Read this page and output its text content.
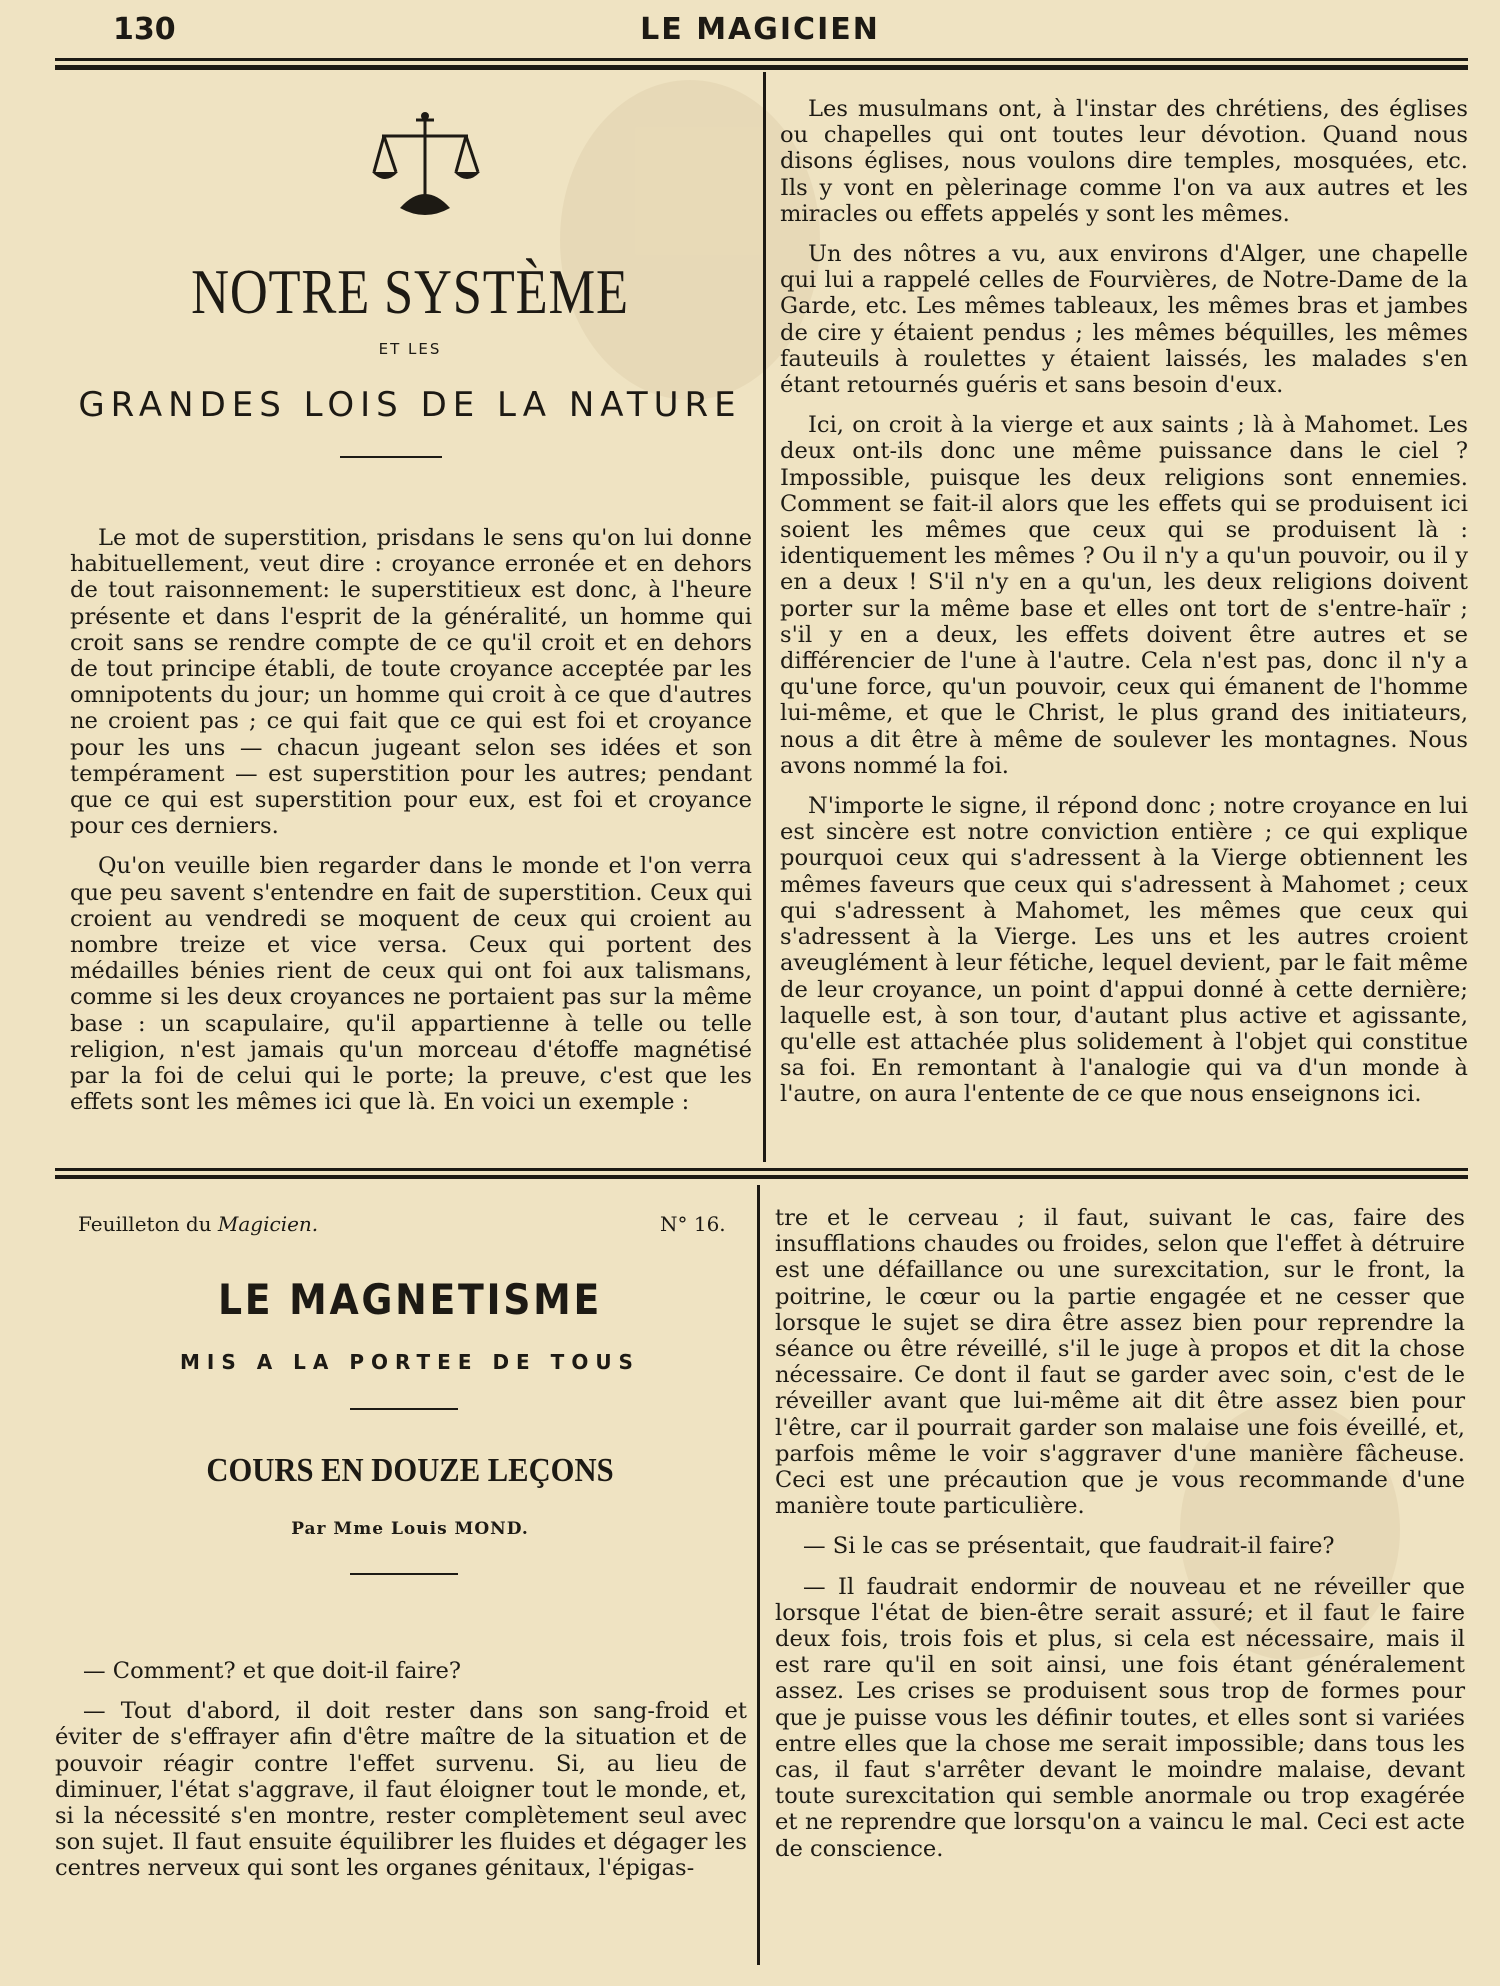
130	LE MAGICIEN
NOTRE SYSTÈME
ET LES
GRANDES LOIS DE LA NATURE

Le mot de superstition, prisdans le sens qu'on lui donne habituellement, veut dire : croyance erronée et en dehors de tout raisonnement: le superstitieux est donc, à l'heure présente et dans l'esprit de la généralité, un homme qui croit sans se rendre compte de ce qu'il croit et en dehors de tout principe établi, de toute croyance acceptée par les omnipotents du jour; un homme qui croit à ce que d'autres ne croient pas ; ce qui fait que ce qui est foi et croyance pour les uns — chacun jugeant selon ses idées et son tempérament — est superstition pour les autres; pendant que ce qui est superstition pour eux, est foi et croyance pour ces derniers.

Qu'on veuille bien regarder dans le monde et l'on verra que peu savent s'entendre en fait de superstition. Ceux qui croient au vendredi se moquent de ceux qui croient au nombre treize et vice versa. Ceux qui portent des médailles bénies rient de ceux qui ont foi aux talismans, comme si les deux croyances ne portaient pas sur la même base : un scapulaire, qu'il appartienne à telle ou telle religion, n'est jamais qu'un morceau d'étoffe magnétisé par la foi de celui qui le porte; la preuve, c'est que les effets sont les mêmes ici que là. En voici un exemple :

Les musulmans ont, à l'instar des chrétiens, des églises ou chapelles qui ont toutes leur dévotion. Quand nous disons églises, nous voulons dire temples, mosquées, etc. Ils y vont en pèlerinage comme l'on va aux autres et les miracles ou effets appelés y sont les mêmes.

Un des nôtres a vu, aux environs d'Alger, une chapelle qui lui a rappelé celles de Fourvières, de Notre-Dame de la Garde, etc. Les mêmes tableaux, les mêmes bras et jambes de cire y étaient pendus ; les mêmes béquilles, les mêmes fauteuils à roulettes y étaient laissés, les malades s'en étant retournés guéris et sans besoin d'eux.

Ici, on croit à la vierge et aux saints ; là à Mahomet. Les deux ont-ils donc une même puissance dans le ciel ? Impossible, puisque les deux religions sont ennemies. Comment se fait-il alors que les effets qui se produisent ici soient les mêmes que ceux qui se produisent là : identiquement les mêmes ? Ou il n'y a qu'un pouvoir, ou il y en a deux ! S'il n'y en a qu'un, les deux religions doivent porter sur la même base et elles ont tort de s'entre-haïr ; s'il y en a deux, les effets doivent être autres et se différencier de l'une à l'autre. Cela n'est pas, donc il n'y a qu'une force, qu'un pouvoir, ceux qui émanent de l'homme lui-même, et que le Christ, le plus grand des initiateurs, nous a dit être à même de soulever les montagnes. Nous avons nommé la foi.

N'importe le signe, il répond donc ; notre croyance en lui est sincère est notre conviction entière ; ce qui explique pourquoi ceux qui s'adressent à la Vierge obtiennent les mêmes faveurs que ceux qui s'adressent à Mahomet ; ceux qui s'adressent à Mahomet, les mêmes que ceux qui s'adressent à la Vierge. Les uns et les autres croient aveuglément à leur fétiche, lequel devient, par le fait même de leur croyance, un point d'appui donné à cette dernière; laquelle est, à son tour, d'autant plus active et agissante, qu'elle est attachée plus solidement à l'objet qui constitue sa foi. En remontant à l'analogie qui va d'un monde à l'autre, on aura l'entente de ce que nous enseignons ici.

Feuilleton du Magicien.	N° 16.
LE MAGNETISME
MIS A LA PORTEE DE TOUS
COURS EN DOUZE LEÇONS
Par Mme Louis MOND.

— Comment? et que doit-il faire?

— Tout d'abord, il doit rester dans son sang-froid et éviter de s'effrayer afin d'être maître de la situation et de pouvoir réagir contre l'effet survenu. Si, au lieu de diminuer, l'état s'aggrave, il faut éloigner tout le monde, et, si la nécessité s'en montre, rester complètement seul avec son sujet. Il faut ensuite équilibrer les fluides et dégager les centres nerveux qui sont les organes génitaux, l'épigas-

tre et le cerveau ; il faut, suivant le cas, faire des insufflations chaudes ou froides, selon que l'effet à détruire est une défaillance ou une surexcitation, sur le front, la poitrine, le cœur ou la partie engagée et ne cesser que lorsque le sujet se dira être assez bien pour reprendre la séance ou être réveillé, s'il le juge à propos et dit la chose nécessaire. Ce dont il faut se garder avec soin, c'est de le réveiller avant que lui-même ait dit être assez bien pour l'être, car il pourrait garder son malaise une fois éveillé, et, parfois même le voir s'aggraver d'une manière fâcheuse. Ceci est une précaution que je vous recommande d'une manière toute particulière.

— Si le cas se présentait, que faudrait-il faire?

— Il faudrait endormir de nouveau et ne réveiller que lorsque l'état de bien-être serait assuré; et il faut le faire deux fois, trois fois et plus, si cela est nécessaire, mais il est rare qu'il en soit ainsi, une fois étant généralement assez. Les crises se produisent sous trop de formes pour que je puisse vous les définir toutes, et elles sont si variées entre elles que la chose me serait impossible; dans tous les cas, il faut s'arrêter devant le moindre malaise, devant toute surexcitation qui semble anormale ou trop exagérée et ne reprendre que lorsqu'on a vaincu le mal. Ceci est acte de conscience.
